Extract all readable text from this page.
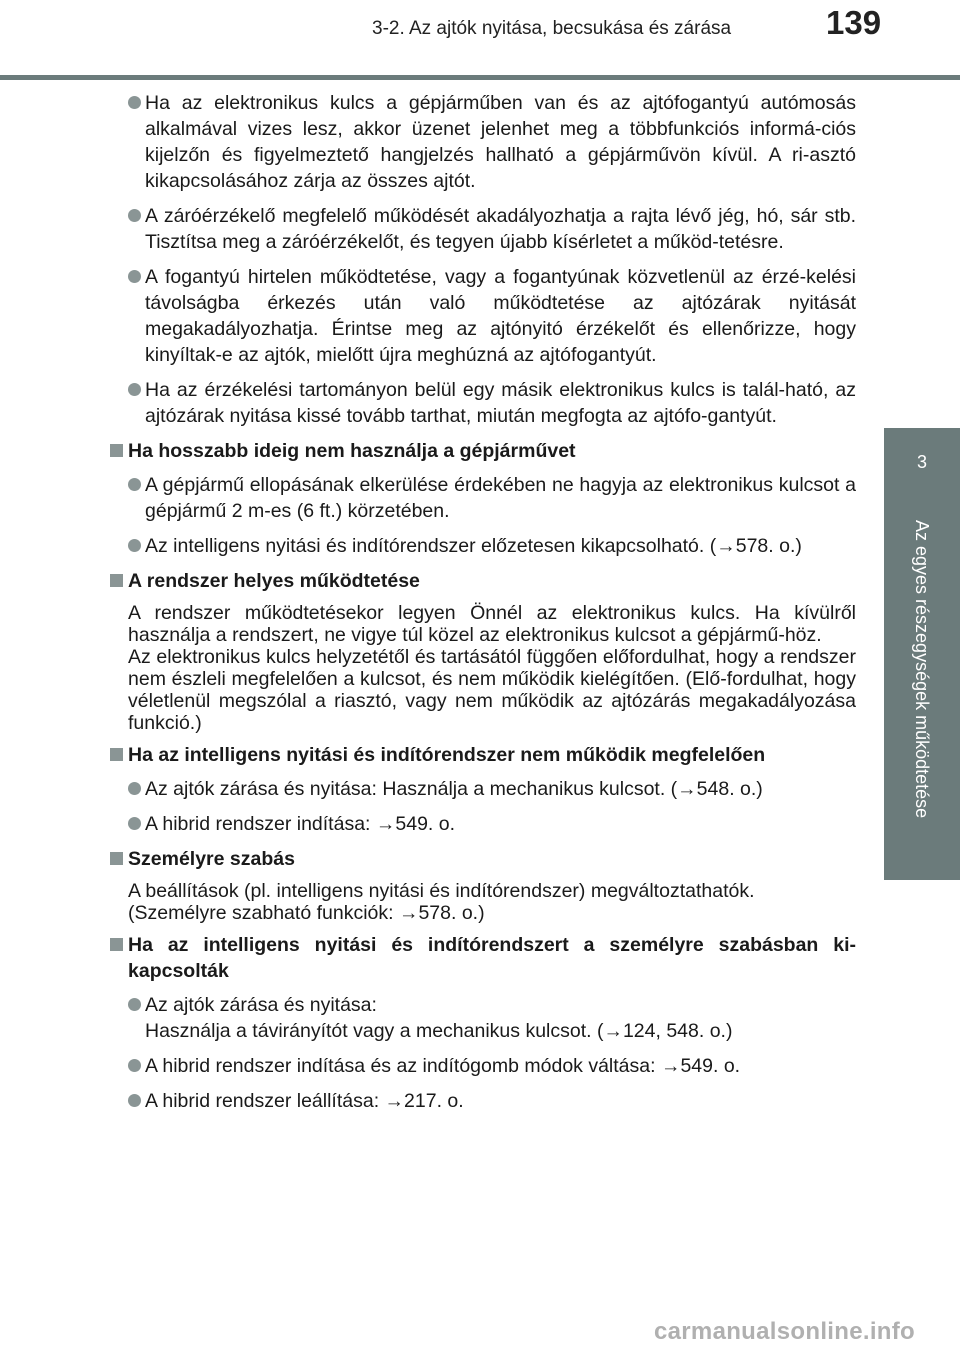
3-2. Az ajtók nyitása, becsukása és zárása	139
3
Az egyes részegységek működtetése
Ha az elektronikus kulcs a gépjárműben van és az ajtófogantyú autómosás alkalmával vizes lesz, akkor üzenet jelenhet meg a többfunkciós informá-ciós kijelzőn és figyelmeztető hangjelzés hallható a gépjárművön kívül. A ri-asztó kikapcsolásához zárja az összes ajtót.
A záróérzékelő megfelelő működését akadályozhatja a rajta lévő jég, hó, sár stb. Tisztítsa meg a záróérzékelőt, és tegyen újabb kísérletet a működ-tetésre.
A fogantyú hirtelen működtetése, vagy a fogantyúnak közvetlenül az érzé-kelési távolságba érkezés után való működtetése az ajtózárak nyitását megakadályozhatja. Érintse meg az ajtónyitó érzékelőt és ellenőrizze, hogy kinyíltak-e az ajtók, mielőtt újra meghúzná az ajtófogantyút.
Ha az érzékelési tartományon belül egy másik elektronikus kulcs is talál-ható, az ajtózárak nyitása kissé tovább tarthat, miután megfogta az ajtófo-gantyút.
Ha hosszabb ideig nem használja a gépjárművet
A gépjármű ellopásának elkerülése érdekében ne hagyja az elektronikus kulcsot a gépjármű 2 m-es (6 ft.) körzetében.
Az intelligens nyitási és indítórendszer előzetesen kikapcsolható. (→578. o.)
A rendszer helyes működtetése
A rendszer működtetésekor legyen Önnél az elektronikus kulcs. Ha kívülről használja a rendszert, ne vigye túl közel az elektronikus kulcsot a gépjármű-höz.
Az elektronikus kulcs helyzetétől és tartásától függően előfordulhat, hogy a rendszer nem észleli megfelelően a kulcsot, és nem működik kielégítően. (Elő-fordulhat, hogy véletlenül megszólal a riasztó, vagy nem működik az ajtózárás megakadályozása funkció.)
Ha az intelligens nyitási és indítórendszer nem működik megfelelően
Az ajtók zárása és nyitása: Használja a mechanikus kulcsot. (→548. o.)
A hibrid rendszer indítása: →549. o.
Személyre szabás
A beállítások (pl. intelligens nyitási és indítórendszer) megváltoztathatók.
(Személyre szabható funkciók: →578. o.)
Ha az intelligens nyitási és indítórendszert a személyre szabásban ki-kapcsolták
Az ajtók zárása és nyitása:
Használja a távirányítót vagy a mechanikus kulcsot. (→124, 548. o.)
A hibrid rendszer indítása és az indítógomb módok váltása: →549. o.
A hibrid rendszer leállítása: →217. o.
carmanualsonline.info
